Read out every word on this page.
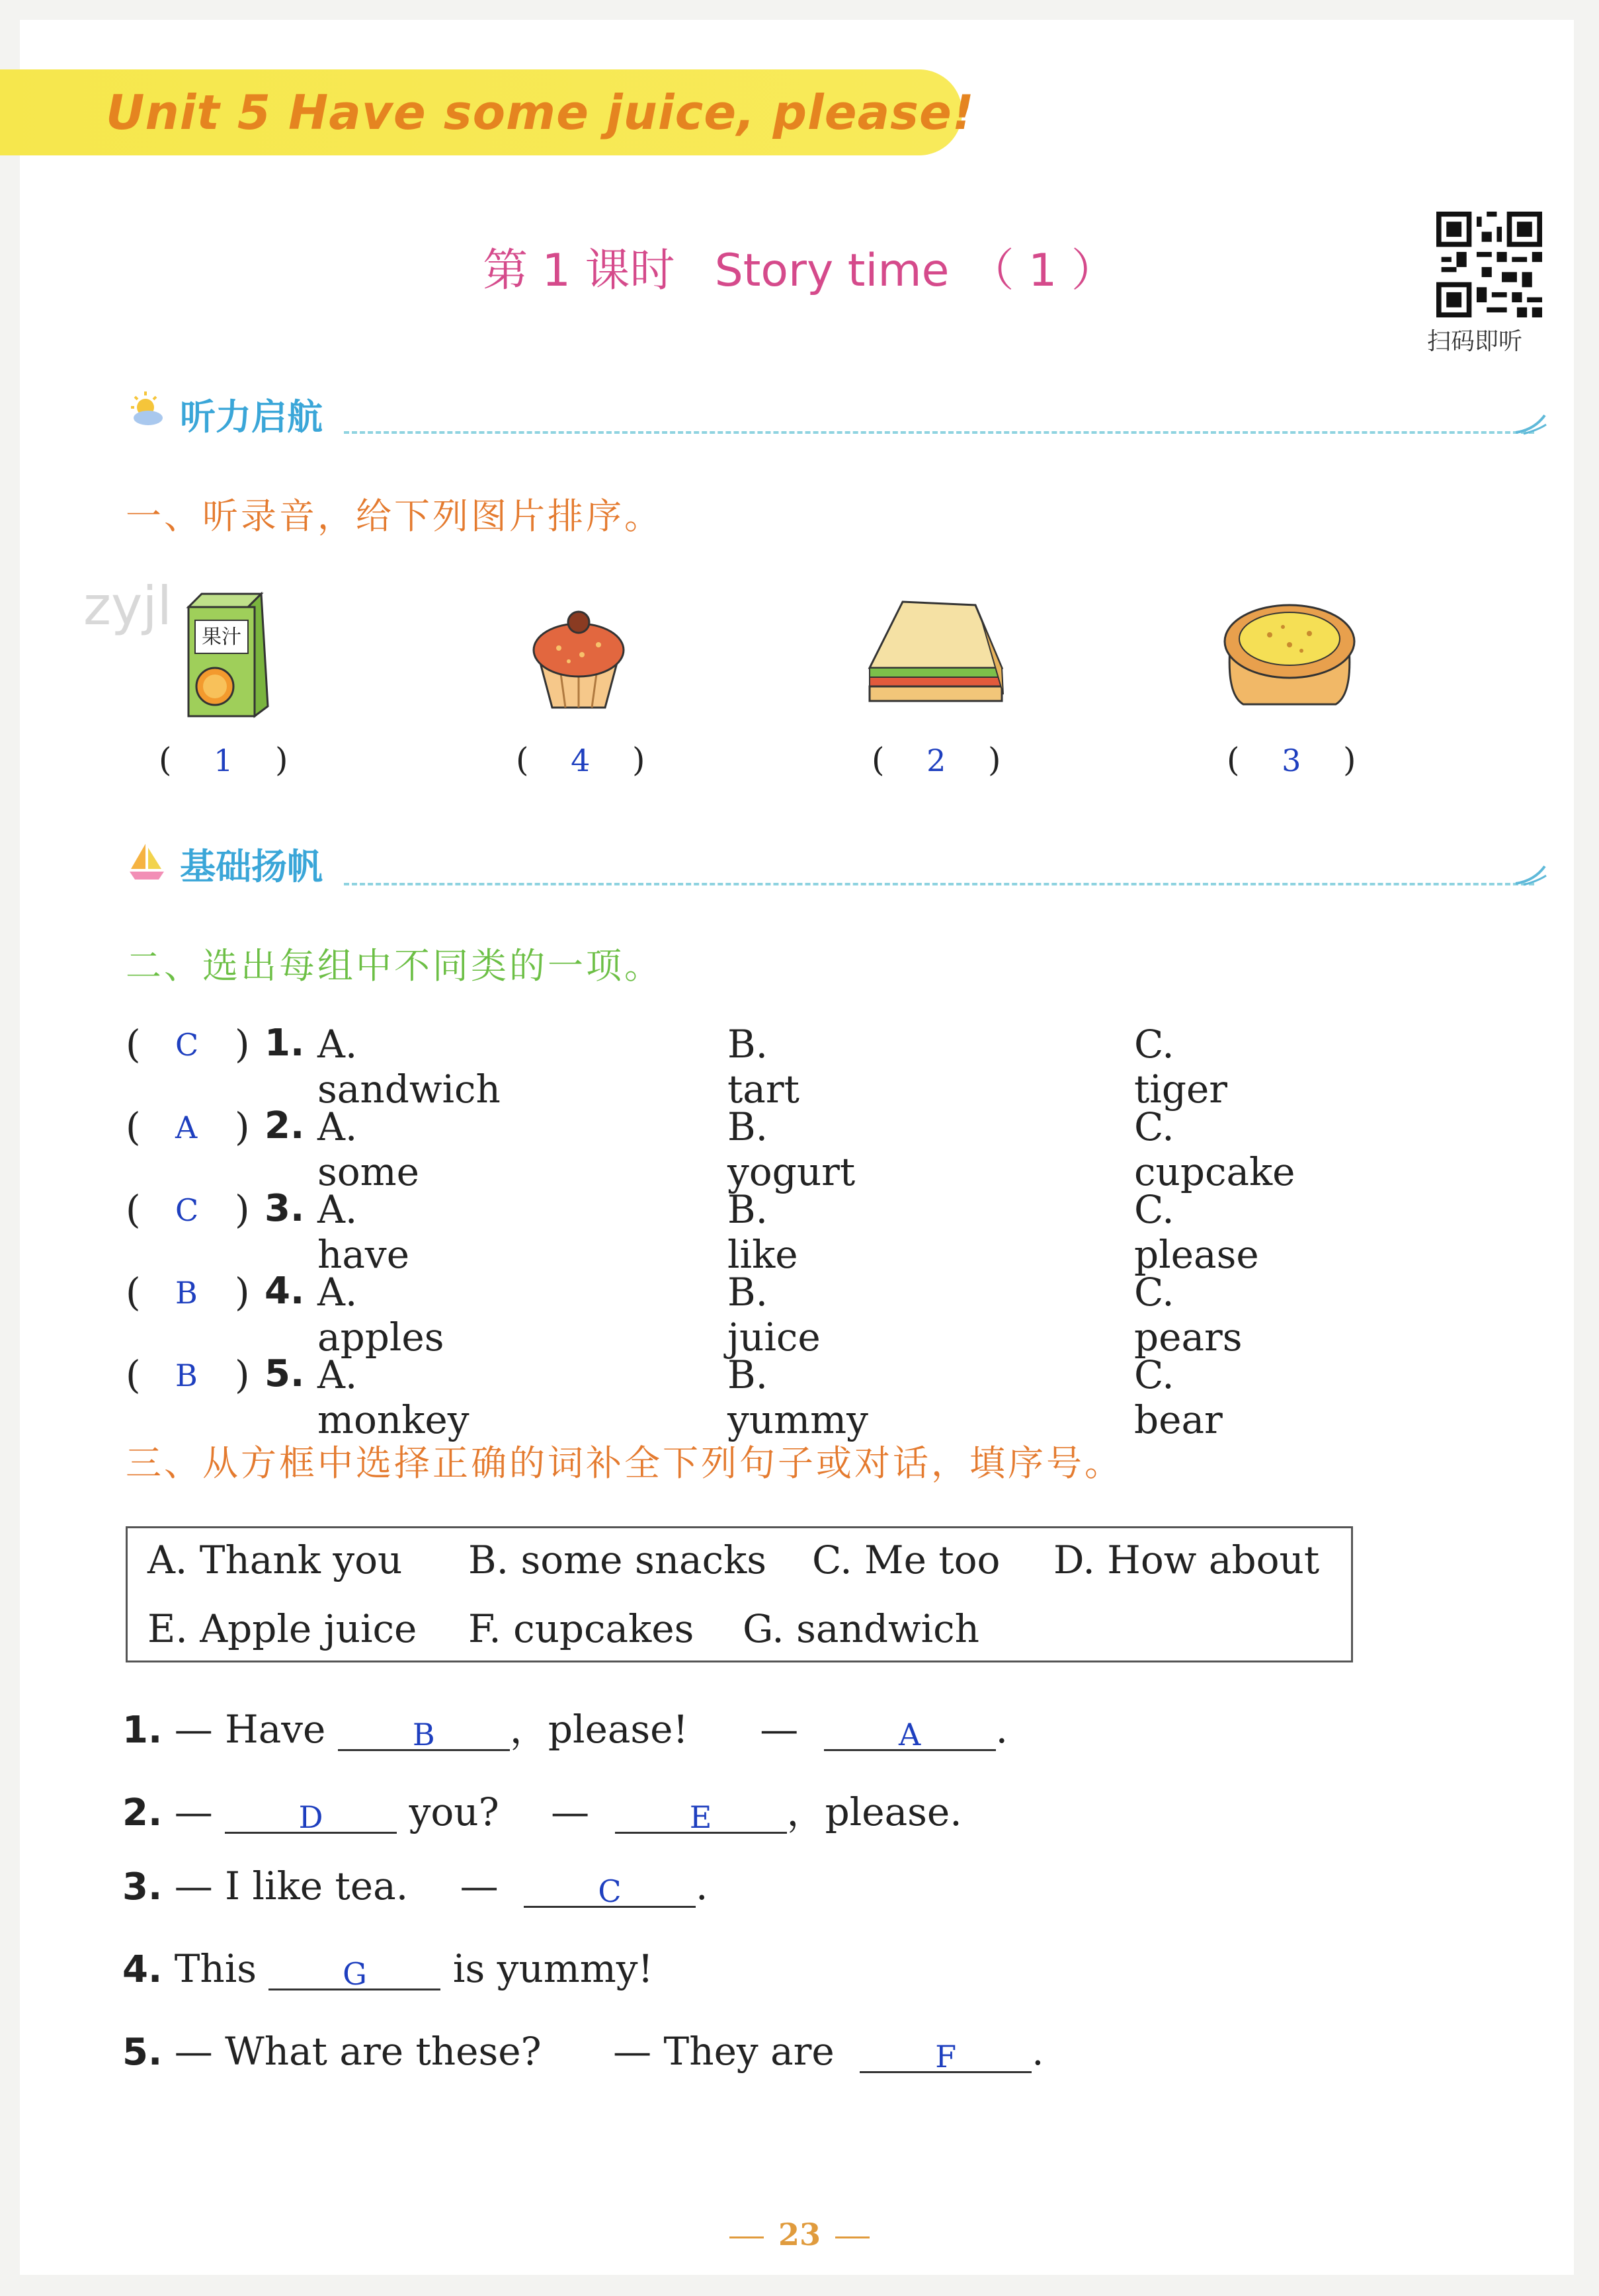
Unit 5 Have some juice, please!
第 1 课时 Story time （ 1 ）
扫码即听
听力启航
一、听录音，给下列图片排序。
zyjl
果汁
(    1    )	(    4    )	(    2    )	(    3    )
基础扬帆
二、选出每组中不同类的一项。
( C ) 1. A. sandwich
B. tart
C. tiger
( A ) 2. A. some
B. yogurt
C. cupcake
( C ) 3. A. have
B. like
C. please
( B ) 4. A. apples
B. juice
C. pears
( B ) 5. A. monkey
B. yummy
C. bear
三、从方框中选择正确的词补全下列句子或对话，填序号。
A. Thank you B. some snacks C. Me too D. How about
E. Apple juice F. cupcakes G. sandwich
1. — Have	B ，please! —	A .
2. —	D you? —	E ，please.
3. — I like tea. —	C .
4. This	G is yummy!
5. — What are these? — They are	F .
23
